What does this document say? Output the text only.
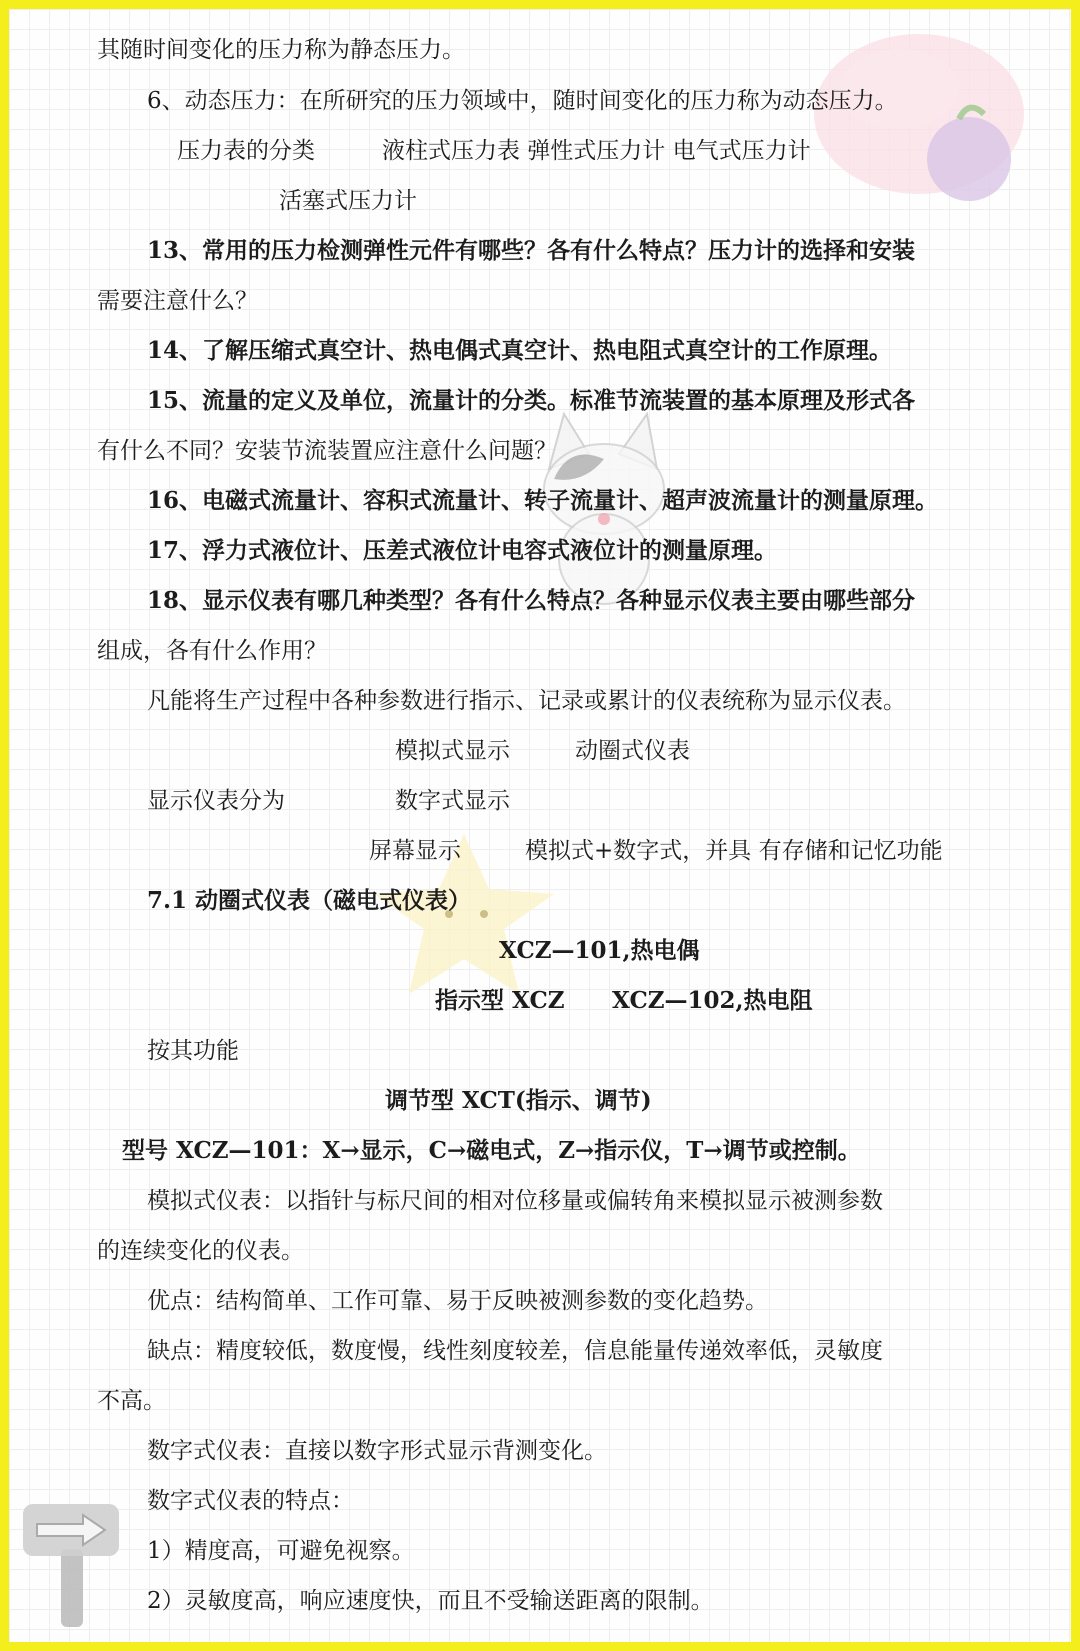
其随时间变化的压力称为静态压力。
6、动态压力：在所研究的压力领域中，随时间变化的压力称为动态压力。
压力表的分类	液柱式压力表 弹性式压力计 电气式压力计
活塞式压力计
13、常用的压力检测弹性元件有哪些？各有什么特点？压力计的选择和安装
需要注意什么？
14、了解压缩式真空计、热电偶式真空计、热电阻式真空计的工作原理。
15、流量的定义及单位，流量计的分类。标准节流装置的基本原理及形式各
有什么不同？安装节流装置应注意什么问题？
16、电磁式流量计、容积式流量计、转子流量计、超声波流量计的测量原理。
17、浮力式液位计、压差式液位计电容式液位计的测量原理。
18、显示仪表有哪几种类型？各有什么特点？各种显示仪表主要由哪些部分
组成，各有什么作用？
凡能将生产过程中各种参数进行指示、记录或累计的仪表统称为显示仪表。
模拟式显示	动圈式仪表
显示仪表分为	数字式显示
屏幕显示	模拟式+数字式，并具 有存储和记忆功能
7.1 动圈式仪表（磁电式仪表）
XCZ—101,热电偶
指示型 XCZ XCZ—102,热电阻
按其功能
调节型 XCT(指示、调节)
型号 XCZ—101：X→显示，C→磁电式，Z→指示仪，T→调节或控制。
模拟式仪表：以指针与标尺间的相对位移量或偏转角来模拟显示被测参数
的连续变化的仪表。
优点：结构简单、工作可靠、易于反映被测参数的变化趋势。
缺点：精度较低，数度慢，线性刻度较差，信息能量传递效率低，灵敏度
不高。
数字式仪表：直接以数字形式显示背测变化。
数字式仪表的特点：
1）精度高，可避免视察。
2）灵敏度高，响应速度快，而且不受输送距离的限制。
